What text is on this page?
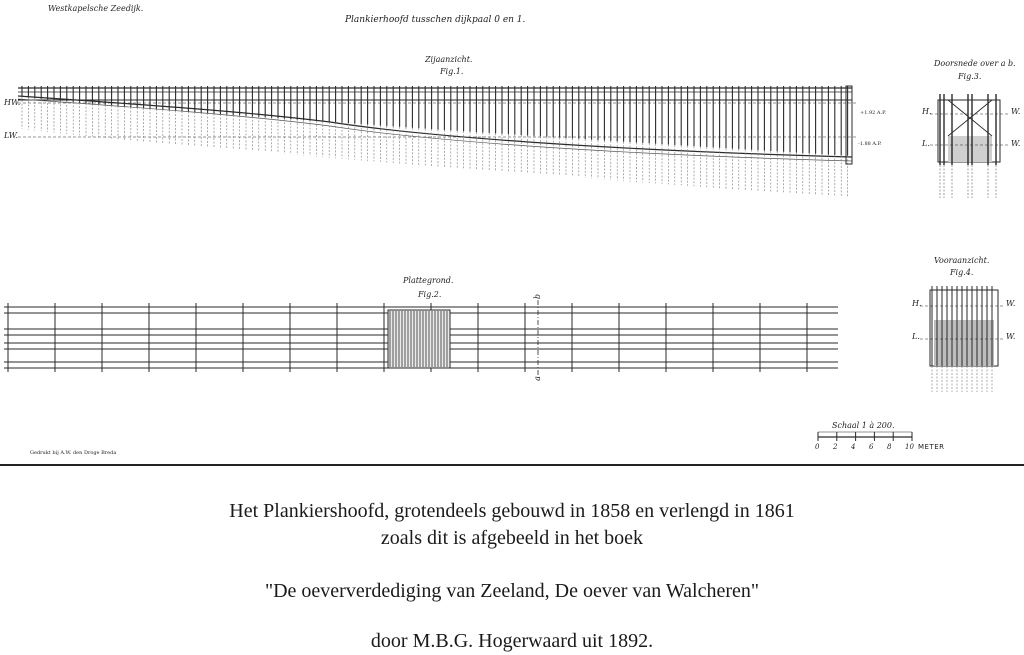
Westkapelsche Zeedijk.
Plankierhoofd tusschen dijkpaal 0 en 1.
Zijaanzicht.
Fig.1.
Plattegrond.
Fig.2.
Doorsnede over a b.
Fig.3.
Vooraanzicht.
Fig.4.
HW.
LW.
+1.92 A.P.
-1.88 A.P.
H.
L.
W.
W.
H.
L.
W.
W.
b
a
Gedrukt bij A.W. den Droge Breda
Schaal 1 à 200.
0 2 4 6 8 10 METER
Het Plankiershoofd, grotendeels gebouwd in 1858 en verlengd in 1861
zoals dit is afgebeeld in het boek
"De oeververdediging van Zeeland, De oever van Walcheren"
door M.B.G. Hogerwaard uit 1892.
